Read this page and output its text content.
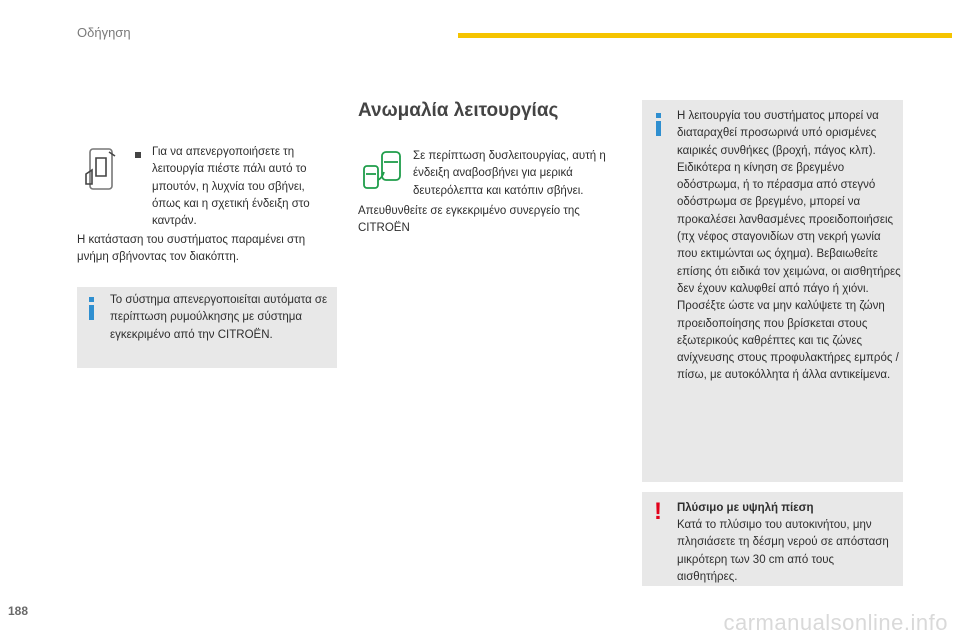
Οδήγηση
Για να απενεργοποιήσετε τη λειτουργία πιέστε πάλι αυτό το μπουτόν, η λυχνία του σβήνει, όπως και η σχετική ένδειξη στο καντράν.
Η κατάσταση του συστήματος παραμένει στη μνήμη σβήνοντας τον διακόπτη.
Το σύστημα απενεργοποιείται αυτόματα σε περίπτωση ρυμούλκησης με σύστημα εγκεκριμένο από την CITROËN.
Ανωμαλία λειτουργίας
Σε περίπτωση δυσλειτουργίας, αυτή η ένδειξη αναβοσβήνει για μερικά δευτερόλεπτα και κατόπιν σβήνει.
Απευθυνθείτε σε εγκεκριμένο συνεργείο της CITROËN
Η λειτουργία του συστήματος μπορεί να διαταραχθεί προσωρινά υπό ορισμένες καιρικές συνθήκες (βροχή, πάγος κλπ). Ειδικότερα η κίνηση σε βρεγμένο οδόστρωμα, ή το πέρασμα από στεγνό οδόστρωμα σε βρεγμένο, μπορεί να προκαλέσει λανθασμένες προειδοποιήσεις (πχ νέφος σταγονιδίων στη νεκρή γωνία που εκτιμώνται ως όχημα). Βεβαιωθείτε επίσης ότι ειδικά τον χειμώνα, οι αισθητήρες δεν έχουν καλυφθεί από πάγο ή χιόνι. Προσέξτε ώστε να μην καλύψετε τη ζώνη προειδοποίησης που βρίσκεται στους εξωτερικούς καθρέπτες και τις ζώνες ανίχνευσης στους προφυλακτήρες εμπρός / πίσω, με αυτοκόλλητα ή άλλα αντικείμενα.
! Πλύσιμο με υψηλή πίεση
Κατά το πλύσιμο του αυτοκινήτου, μην πλησιάσετε τη δέσμη νερού σε απόσταση μικρότερη των 30 cm από τους αισθητήρες.
188	carmanualsonline.info
